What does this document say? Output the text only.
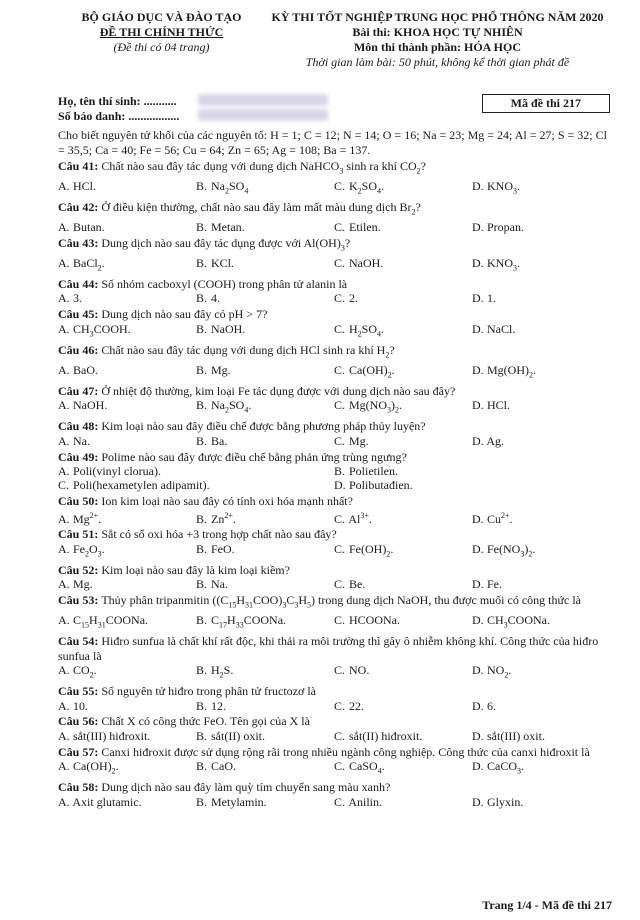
BỘ GIÁO DỤC VÀ ĐÀO TẠO
ĐỀ THI CHÍNH THỨC
(Đề thi có 04 trang)
KỲ THI TỐT NGHIỆP TRUNG HỌC PHỔ THÔNG NĂM 2020
Bài thi: KHOA HỌC TỰ NHIÊN
Môn thi thành phần: HÓA HỌC
Thời gian làm bài: 50 phút, không kể thời gian phát đề
Họ, tên thí sinh: ...........
Số báo danh: .................
Mã đề thi 217
Cho biết nguyên tử khối của các nguyên tố: H = 1; C = 12; N = 14; O = 16; Na = 23; Mg = 24; Al = 27; S = 32; Cl = 35,5; Ca = 40; Fe = 56; Cu = 64; Zn = 65; Ag = 108; Ba = 137.
Câu 41: Chất nào sau đây tác dụng với dung dịch NaHCO$_3$ sinh ra khí $CO_2$?
A. HCl.	B. $Na_2SO_4$	C. $K_2SO_4$.	D. $KNO_3$.
Câu 42: Ở điều kiện thường, chất nào sau đây làm mất màu dung dịch $Br_2$?
A. Butan.	B. Metan.	C. Etilen.	D. Propan.
Câu 43: Dung dịch nào sau đây tác dụng được với $Al(OH)_3$?
A. BaCl$_2$.	B. KCl.	C. NaOH.	D. $KNO_3$.
Câu 44: Số nhóm cacboxyl (COOH) trong phân tử alanin là
A. 3.	B. 4.	C. 2.	D. 1.
Câu 45: Dung dịch nào sau đây có pH > 7?
A. $CH_3COOH$.	B. NaOH.	C. $H_2SO_4$.	D. NaCl.
Câu 46: Chất nào sau đây tác dụng với dung dịch HCl sinh ra khí $H_2$?
A. BaO.	B. Mg.	C. $Ca(OH)_2$.	D. $Mg(OH)_2$.
Câu 47: Ở nhiệt độ thường, kim loại Fe tác dụng được với dung dịch nào sau đây?
A. NaOH.	B. $Na_2SO_4$.	C. $Mg(NO_3)_2$.	D. HCl.
Câu 48: Kim loại nào sau đây điều chế được bằng phương pháp thủy luyện?
A. Na.	B. Ba.	C. Mg.	D. Ag.
Câu 49: Polime nào sau đây được điều chế bằng phản ứng trùng ngưng?
A. Poli(vinyl clorua).	B. Polietilen.
C. Poli(hexametylen adipamit).	D. Polibutađien.
Câu 50: Ion kim loại nào sau đây có tính oxi hóa mạnh nhất?
A. $Mg^{2+}$.	B. $Zn^{2+}$.	C. $Al^{3+}$.	D. $Cu^{2+}$.
Câu 51: Sắt có số oxi hóa +3 trong hợp chất nào sau đây?
A. $Fe_2O_3$.	B. FeO.	C. $Fe(OH)_2$.	D. $Fe(NO_3)_2$.
Câu 52: Kim loại nào sau đây là kim loại kiềm?
A. Mg.	B. Na.	C. Be.	D. Fe.
Câu 53: Thủy phân tripanmitin $((C_{15}H_{31}COO)_3C_3H_5)$ trong dung dịch NaOH, thu được muối có công thức là
A. $C_{15}H_{31}COONa$.	B. $C_{17}H_{33}COONa$.	C. HCOONa.	D. $CH_3COONa$.
Câu 54: Hiđro sunfua là chất khí rất độc, khi thải ra môi trường thì gây ô nhiễm không khí. Công thức của hiđro sunfua là
A. $CO_2$.	B. $H_2S$.	C. NO.	D. $NO_2$.
Câu 55: Số nguyên tử hiđro trong phân tử fructozơ là
A. 10.	B. 12.	C. 22.	D. 6.
Câu 56: Chất X có công thức FeO. Tên gọi của X là
A. sắt(III) hiđroxit.	B. sắt(II) oxit.	C. sắt(II) hiđroxit.	D. sắt(III) oxit.
Câu 57: Canxi hiđroxit được sử dụng rộng rãi trong nhiều ngành công nghiệp. Công thức của canxi hiđroxit là
A. $Ca(OH)_2$.	B. CaO.	C. CaSO$_4$.	D. CaCO$_3$.
Câu 58: Dung dịch nào sau đây làm quỳ tím chuyển sang màu xanh?
A. Axit glutamic.	B. Metylamin.	C. Anilin.	D. Glyxin.
Trang 1/4 - Mã đề thi 217
